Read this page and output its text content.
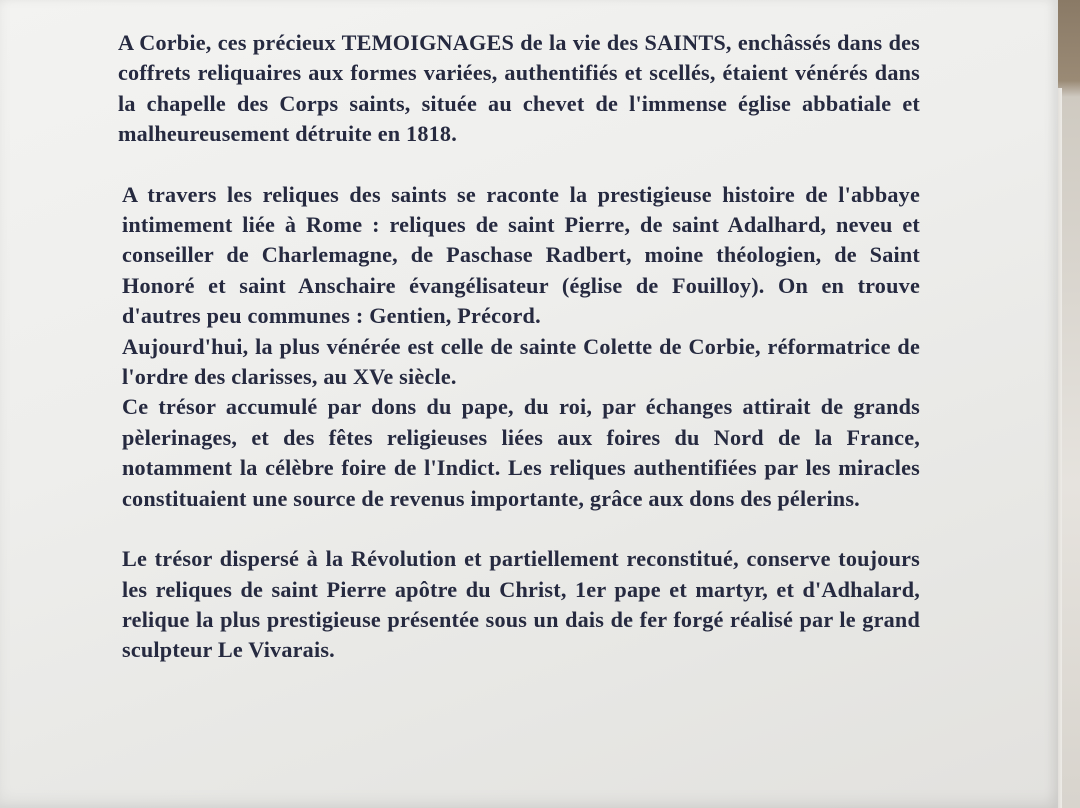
A Corbie, ces précieux TEMOIGNAGES de la vie des SAINTS, enchâssés dans des coffrets reliquaires aux formes variées, authentifiés et scellés, étaient vénérés dans la chapelle des Corps saints, située au chevet de l'immense église abbatiale et malheureusement détruite en 1818.

A travers les reliques des saints se raconte la prestigieuse histoire de l'abbaye intimement liée à Rome : reliques de saint Pierre, de saint Adalhard, neveu et conseiller de Charlemagne, de Paschase Radbert, moine théologien, de Saint Honoré et saint Anschaire évangélisateur (église de Fouilloy). On en trouve d'autres peu communes : Gentien, Précord.

Aujourd'hui, la plus vénérée est celle de sainte Colette de Corbie, réformatrice de l'ordre des clarisses, au XVe siècle.

Ce trésor accumulé par dons du pape, du roi, par échanges attirait de grands pèlerinages, et des fêtes religieuses liées aux foires du Nord de la France, notamment la célèbre foire de l'Indict. Les reliques authentifiées par les miracles constituaient une source de revenus importante, grâce aux dons des pélerins.

Le trésor dispersé à la Révolution et partiellement reconstitué, conserve toujours les reliques de saint Pierre apôtre du Christ, 1er pape et martyr, et d'Adhalard, relique la plus prestigieuse présentée sous un dais de fer forgé réalisé par le grand sculpteur Le Vivarais.
